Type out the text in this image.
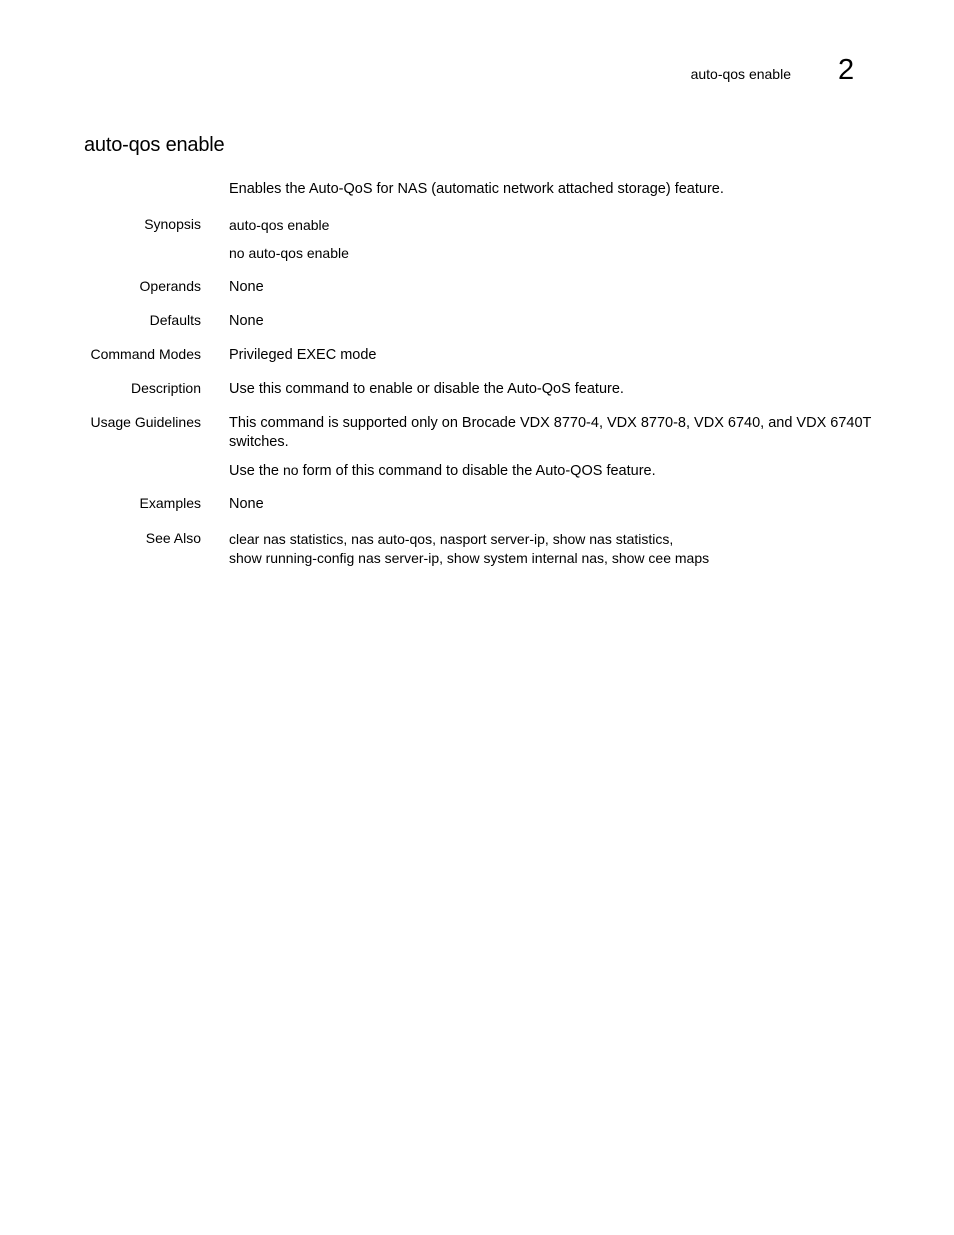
auto-qos enable 2
auto-qos enable
Enables the Auto-QoS for NAS (automatic network attached storage) feature.
Synopsis auto-qos enable

no auto-qos enable

Operands None
Defaults None
Command Modes Privileged EXEC mode
Description Use this command to enable or disable the Auto-QoS feature.
Usage Guidelines This command is supported only on Brocade VDX 8770-4, VDX 8770-8, VDX 6740, and VDX 6740T switches.

Use the no form of this command to disable the Auto-QOS feature.

Examples None
See Also clear nas statistics, nas auto-qos, nasport server-ip, show nas statistics,
show running-config nas server-ip, show system internal nas, show cee maps
